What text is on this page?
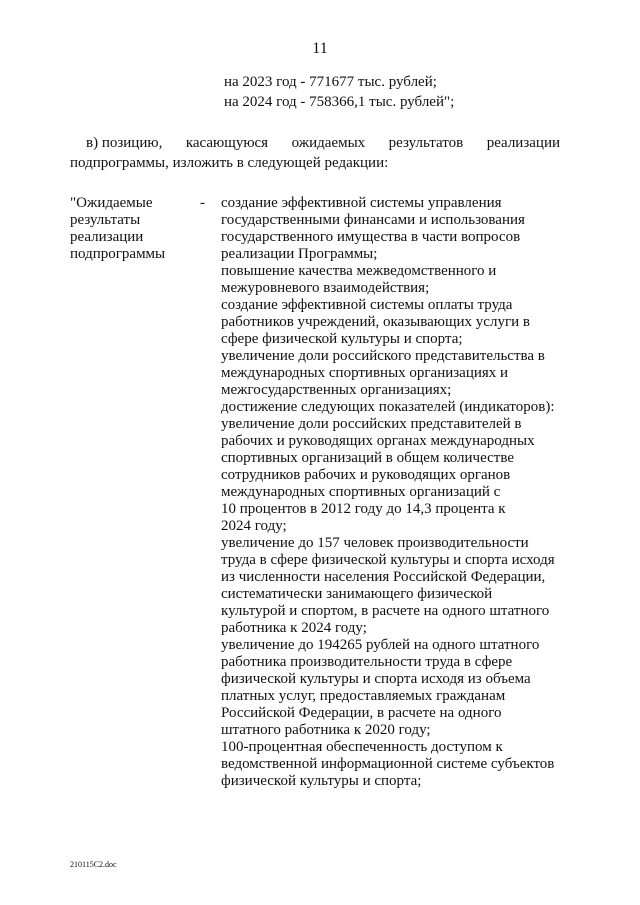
11
на 2023 год - 771677 тыс. рублей;
на 2024 год - 758366,1 тыс. рублей";
в) позицию, касающуюся ожидаемых результатов реализации
подпрограммы, изложить в следующей редакции:
"Ожидаемые
результаты
реализации
подпрограммы
- создание эффективной системы управления
государственными финансами и использования
государственного имущества в части вопросов
реализации Программы;
повышение качества межведомственного и
межуровневого взаимодействия;
создание эффективной системы оплаты труда
работников учреждений, оказывающих услуги в
сфере физической культуры и спорта;
увеличение доли российского представительства в
международных спортивных организациях и
межгосударственных организациях;
достижение следующих показателей (индикаторов):
увеличение доли российских представителей в
рабочих и руководящих органах международных
спортивных организаций в общем количестве
сотрудников рабочих и руководящих органов
международных спортивных организаций с
10 процентов в 2012 году до 14,3 процента к
2024 году;
увеличение до 157 человек производительности
труда в сфере физической культуры и спорта исходя
из численности населения Российской Федерации,
систематически занимающего физической
культурой и спортом, в расчете на одного штатного
работника к 2024 году;
увеличение до 194265 рублей на одного штатного
работника производительности труда в сфере
физической культуры и спорта исходя из объема
платных услуг, предоставляемых гражданам
Российской Федерации, в расчете на одного
штатного работника к 2020 году;
100-процентная обеспеченность доступом к
ведомственной информационной системе субъектов
физической культуры и спорта;
210115C2.doc
